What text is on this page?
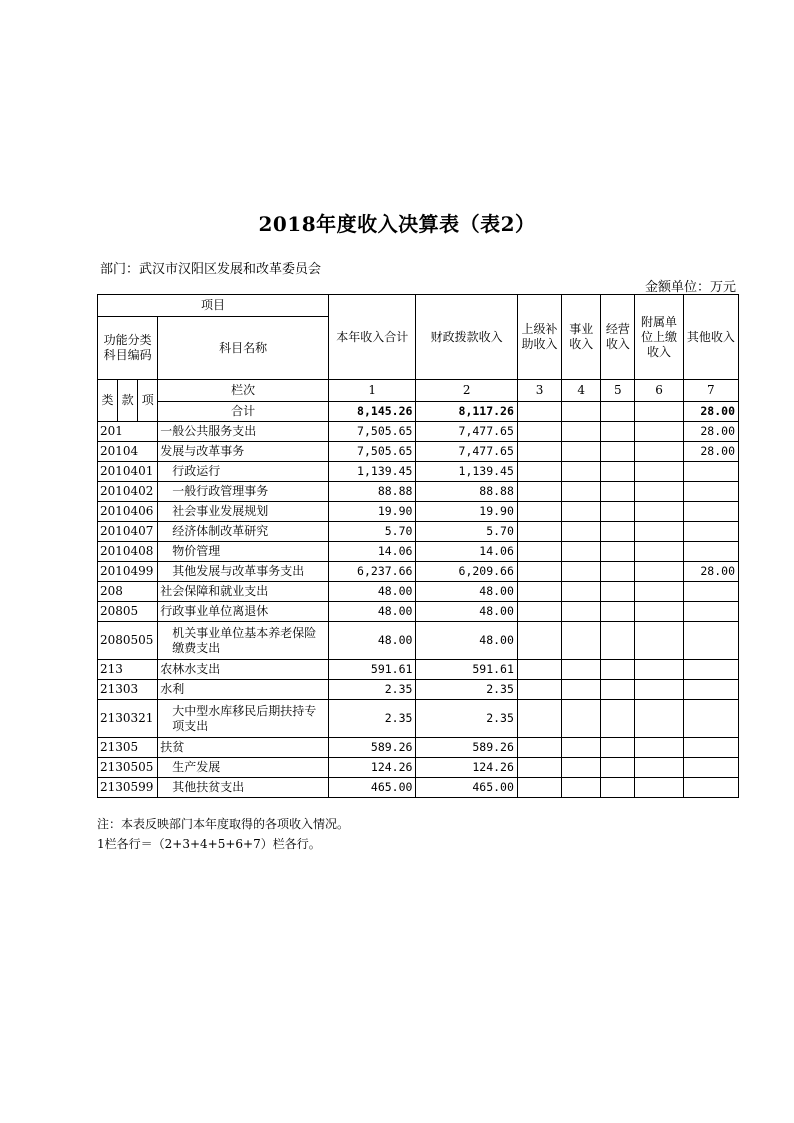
2018年度收入决算表（表2）
部门：武汉市汉阳区发展和改革委员会
金额单位：万元
项目				本年收入合计	财政拨款收入	上级补助收入	事业收入	经营收入	附属单位上缴收入	其他收入
功能分类科目编码			科目名称							
类	款	项	栏次	1	2	3	4	5	6	7
			合计	8,145.26	8,117.26					28.00
201			一般公共服务支出	7,505.65	7,477.65					28.00
20104			发展与改革事务	7,505.65	7,477.65					28.00
2010401			行政运行	1,139.45	1,139.45					
2010402			一般行政管理事务	88.88	88.88					
2010406			社会事业发展规划	19.90	19.90					
2010407			经济体制改革研究	5.70	5.70					
2010408			物价管理	14.06	14.06					
2010499			其他发展与改革事务支出	6,237.66	6,209.66					28.00
208			社会保障和就业支出	48.00	48.00					
20805			行政事业单位离退休	48.00	48.00					
2080505			机关事业单位基本养老保险缴费支出	48.00	48.00					
213			农林水支出	591.61	591.61					
21303			水利	2.35	2.35					
2130321			大中型水库移民后期扶持专项支出	2.35	2.35					
21305			扶贫	589.26	589.26					
2130505			生产发展	124.26	124.26					
2130599			其他扶贫支出	465.00	465.00					
注：本表反映部门本年度取得的各项收入情况。
1栏各行＝（2+3+4+5+6+7）栏各行。
